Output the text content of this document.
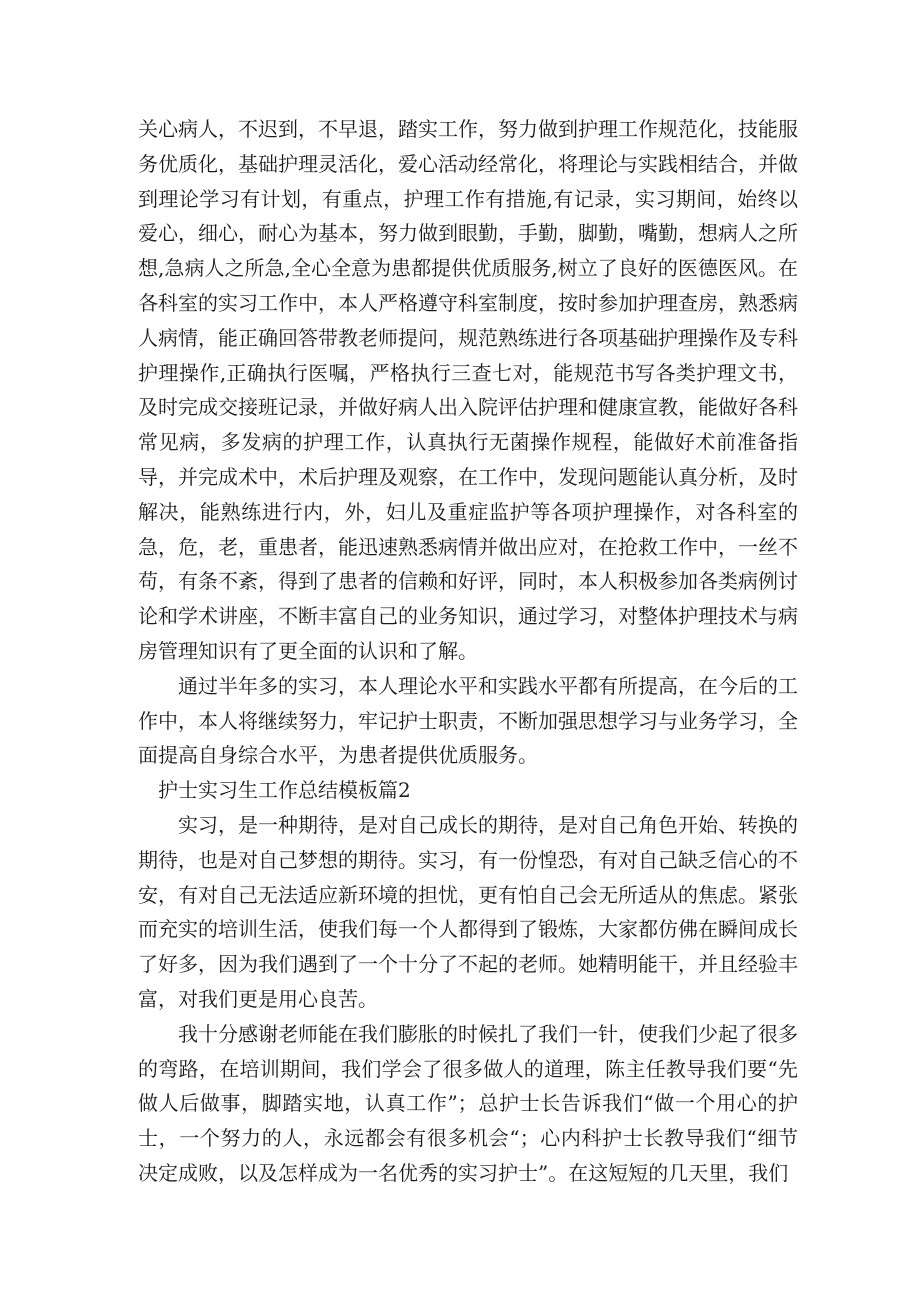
关心病人，不迟到，不早退，踏实工作，努力做到护理工作规范化，技能服务优质化，基础护理灵活化，爱心活动经常化，将理论与实践相结合，并做到理论学习有计划，有重点，护理工作有措施,有记录，实习期间，始终以爱心，细心，耐心为基本，努力做到眼勤，手勤，脚勤，嘴勤，想病人之所想,急病人之所急,全心全意为患都提供优质服务,树立了良好的医德医风。在各科室的实习工作中，本人严格遵守科室制度，按时参加护理查房，熟悉病人病情，能正确回答带教老师提问，规范熟练进行各项基础护理操作及专科护理操作,正确执行医嘱，严格执行三查七对，能规范书写各类护理文书，及时完成交接班记录，并做好病人出入院评估护理和健康宣教，能做好各科常见病，多发病的护理工作，认真执行无菌操作规程，能做好术前准备指导，并完成术中，术后护理及观察，在工作中，发现问题能认真分析，及时解决，能熟练进行内，外，妇儿及重症监护等各项护理操作，对各科室的急，危，老，重患者，能迅速熟悉病情并做出应对，在抢救工作中，一丝不苟，有条不紊，得到了患者的信赖和好评，同时，本人积极参加各类病例讨论和学术讲座，不断丰富自己的业务知识，通过学习，对整体护理技术与病房管理知识有了更全面的认识和了解。

通过半年多的实习，本人理论水平和实践水平都有所提高，在今后的工作中，本人将继续努力，牢记护士职责，不断加强思想学习与业务学习，全面提高自身综合水平，为患者提供优质服务。

护士实习生工作总结模板篇2

实习，是一种期待，是对自己成长的期待，是对自己角色开始、转换的期待，也是对自己梦想的期待。实习，有一份惶恐，有对自己缺乏信心的不安，有对自己无法适应新环境的担忧，更有怕自己会无所适从的焦虑。紧张而充实的培训生活，使我们每一个人都得到了锻炼，大家都仿佛在瞬间成长了好多，因为我们遇到了一个十分了不起的老师。她精明能干，并且经验丰富，对我们更是用心良苦。

我十分感谢老师能在我们膨胀的时候扎了我们一针，使我们少起了很多的弯路，在培训期间，我们学会了很多做人的道理，陈主任教导我们要“先做人后做事，脚踏实地，认真工作”；总护士长告诉我们“做一个用心的护士，一个努力的人，永远都会有很多机会“；心内科护士长教导我们“细节决定成败，以及怎样成为一名优秀的实习护士”。在这短短的几天里，我们
